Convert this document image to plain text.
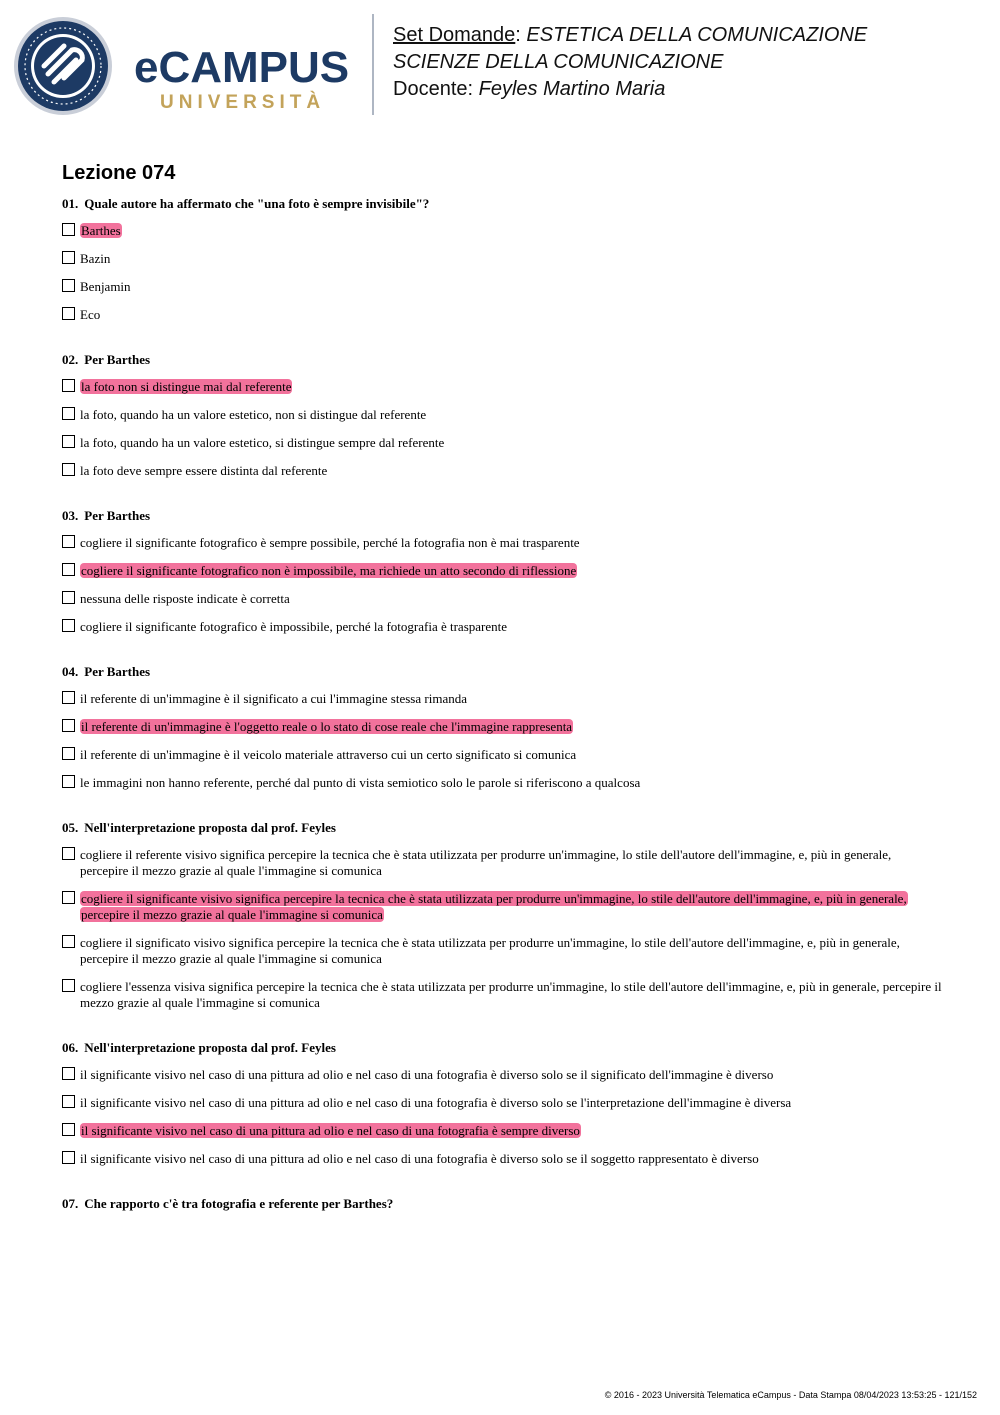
eCAMPUS
UNIVERSITÀ
Set Domande: ESTETICA DELLA COMUNICAZIONE
SCIENZE DELLA COMUNICAZIONE
Docente: Feyles Martino Maria
Lezione 074
01. Quale autore ha affermato che "una foto è sempre invisibile"?
Barthes
Bazin
Benjamin
Eco
02. Per Barthes
la foto non si distingue mai dal referente
la foto, quando ha un valore estetico, non si distingue dal referente
la foto, quando ha un valore estetico, si distingue sempre dal referente
la foto deve sempre essere distinta dal referente
03. Per Barthes
cogliere il significante fotografico è sempre possibile, perché la fotografia non è mai trasparente
cogliere il significante fotografico non è impossibile, ma richiede un atto secondo di riflessione
nessuna delle risposte indicate è corretta
cogliere il significante fotografico è impossibile, perché la fotografia è trasparente
04. Per Barthes
il referente di un'immagine è il significato a cui l'immagine stessa rimanda
il referente di un'immagine è l'oggetto reale o lo stato di cose reale che l'immagine rappresenta
il referente di un'immagine è il veicolo materiale attraverso cui un certo significato si comunica
le immagini non hanno referente, perché dal punto di vista semiotico solo le parole si riferiscono a qualcosa
05. Nell'interpretazione proposta dal prof. Feyles
cogliere il referente visivo significa percepire la tecnica che è stata utilizzata per produrre un'immagine, lo stile dell'autore dell'immagine, e, più in generale, percepire il mezzo grazie al quale l'immagine si comunica
cogliere il significante visivo significa percepire la tecnica che è stata utilizzata per produrre un'immagine, lo stile dell'autore dell'immagine, e, più in generale, percepire il mezzo grazie al quale l'immagine si comunica
cogliere il significato visivo significa percepire la tecnica che è stata utilizzata per produrre un'immagine, lo stile dell'autore dell'immagine, e, più in generale, percepire il mezzo grazie al quale l'immagine si comunica
cogliere l'essenza visiva significa percepire la tecnica che è stata utilizzata per produrre un'immagine, lo stile dell'autore dell'immagine, e, più in generale, percepire il mezzo grazie al quale l'immagine si comunica
06. Nell'interpretazione proposta dal prof. Feyles
il significante visivo nel caso di una pittura ad olio e nel caso di una fotografia è diverso solo se il significato dell'immagine è diverso
il significante visivo nel caso di una pittura ad olio e nel caso di una fotografia è diverso solo se l'interpretazione dell'immagine è diversa
il significante visivo nel caso di una pittura ad olio e nel caso di una fotografia è sempre diverso
il significante visivo nel caso di una pittura ad olio e nel caso di una fotografia è diverso solo se il soggetto rappresentato è diverso
07. Che rapporto c'è tra fotografia e referente per Barthes?
© 2016 - 2023 Università Telematica eCampus - Data Stampa 08/04/2023 13:53:25 - 121/152
